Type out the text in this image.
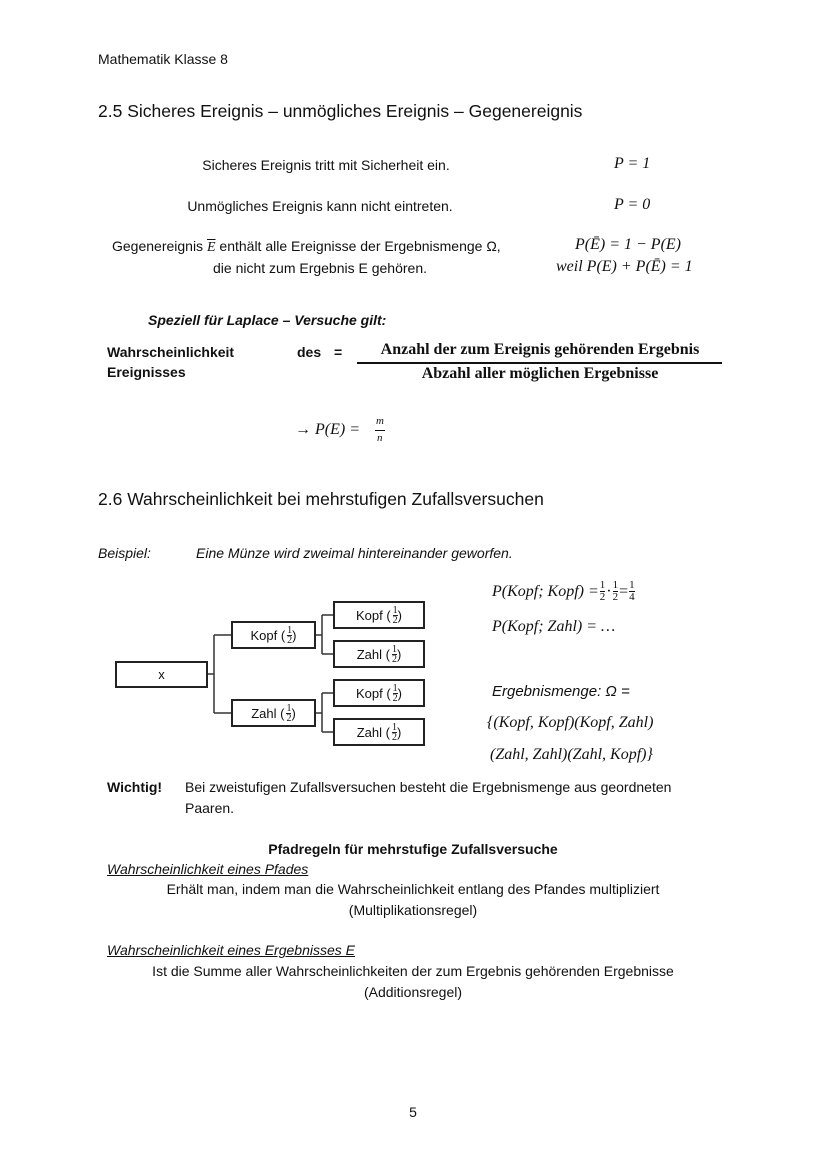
Mathematik Klasse 8
2.5 Sicheres Ereignis – unmögliches Ereignis – Gegenereignis
Sicheres Ereignis tritt mit Sicherheit ein.	P = 1
Unmögliches Ereignis kann nicht eintreten.	P = 0
Gegenereignis $\overline{E}$ enthält alle Ereignisse der Ergebnismenge Ω,
die nicht zum Ergebnis E gehören.
P(Ē) = 1 − P(E)
weil P(E) + P(Ē) = 1
Speziell für Laplace – Versuche gilt:
Wahrscheinlichkeit	des
Ereignisses
= Anzahl der zum Ereignis gehörenden Ergebnis
Abzahl aller möglichen Ergebnisse
→ P(E) = m
n
2.6 Wahrscheinlichkeit bei mehrstufigen Zufallsversuchen
Beispiel:	Eine Münze wird zweimal hintereinander geworfen.
x
Kopf ( $\frac{1}{2}$ )
Zahl ( $\frac{1}{2}$ )
Kopf ( $\frac{1}{2}$ )
Zahl ( $\frac{1}{2}$ )
Kopf ( $\frac{1}{2}$ )
Zahl ( $\frac{1}{2}$ )
P(Kopf; Kopf) = $\frac{1}{2} \cdot \frac{1}{2} = \frac{1}{4}$
P(Kopf; Zahl) = …
Ergebnismenge: Ω =
{(Kopf, Kopf)(Kopf, Zahl)
(Zahl, Zahl)(Zahl, Kopf)}
Wichtig! Bei zweistufigen Zufallsversuchen besteht die Ergebnismenge aus geordneten
Paaren.
Pfadregeln für mehrstufige Zufallsversuche
Wahrscheinlichkeit eines Pfades
Erhält man, indem man die Wahrscheinlichkeit entlang des Pfandes multipliziert
(Multiplikationsregel)
Wahrscheinlichkeit eines Ergebnisses E
Ist die Summe aller Wahrscheinlichkeiten der zum Ergebnis gehörenden Ergebnisse
(Additionsregel)
5
